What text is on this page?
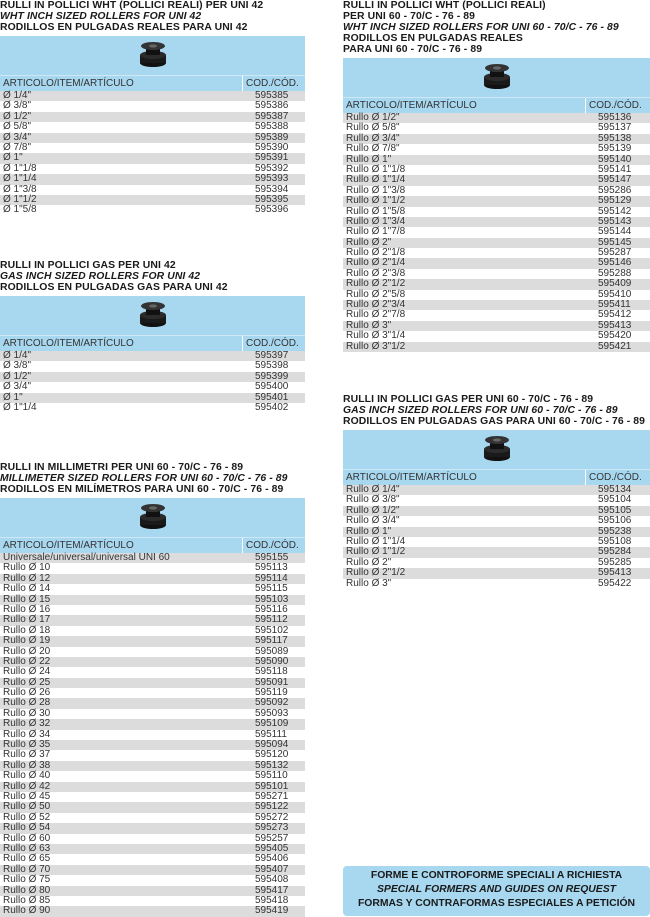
RULLI IN POLLICI WHT (POLLICI REALI) PER UNI 42
WHT INCH SIZED ROLLERS FOR UNI 42
RODILLOS EN PULGADAS REALES PARA UNI 42
ARTICOLO/ITEM/ARTÍCULO	COD./CÓD.
Ø 1/4"	595385
Ø 3/8"	595386
Ø 1/2"	595387
Ø 5/8"	595388
Ø 3/4"	595389
Ø 7/8"	595390
Ø 1"	595391
Ø 1"1/8	595392
Ø 1"1/4	595393
Ø 1"3/8	595394
Ø 1"1/2	595395
Ø 1"5/8	595396
RULLI IN POLLICI GAS PER UNI 42
GAS INCH SIZED ROLLERS FOR UNI 42
RODILLOS EN PULGADAS GAS PARA UNI 42
ARTICOLO/ITEM/ARTÍCULO	COD./CÓD.
Ø 1/4"	595397
Ø 3/8"	595398
Ø 1/2"	595399
Ø 3/4"	595400
Ø 1"	595401
Ø 1"1/4	595402
RULLI IN MILLIMETRI PER UNI 60 - 70/C - 76 - 89
MILLIMETER SIZED ROLLERS FOR UNI 60 - 70/C - 76 - 89
RODILLOS EN MILÍMETROS PARA UNI 60 - 70/C - 76 - 89
ARTICOLO/ITEM/ARTÍCULO	COD./CÓD.
Universale/universal/universal UNI 60	595155
Rullo Ø 10	595113
Rullo Ø 12	595114
Rullo Ø 14	595115
Rullo Ø 15	595103
Rullo Ø 16	595116
Rullo Ø 17	595112
Rullo Ø 18	595102
Rullo Ø 19	595117
Rullo Ø 20	595089
Rullo Ø 22	595090
Rullo Ø 24	595118
Rullo Ø 25	595091
Rullo Ø 26	595119
Rullo Ø 28	595092
Rullo Ø 30	595093
Rullo Ø 32	595109
Rullo Ø 34	595111
Rullo Ø 35	595094
Rullo Ø 37	595120
Rullo Ø 38	595132
Rullo Ø 40	595110
Rullo Ø 42	595101
Rullo Ø 45	595271
Rullo Ø 50	595122
Rullo Ø 52	595272
Rullo Ø 54	595273
Rullo Ø 60	595257
Rullo Ø 63	595405
Rullo Ø 65	595406
Rullo Ø 70	595407
Rullo Ø 75	595408
Rullo Ø 80	595417
Rullo Ø 85	595418
Rullo Ø 90	595419
RULLI IN POLLICI WHT (POLLICI REALI)
PER UNI 60 - 70/C - 76 - 89
WHT INCH SIZED ROLLERS FOR UNI 60 - 70/C - 76 - 89
RODILLOS EN PULGADAS REALES
PARA UNI 60 - 70/C - 76 - 89
ARTICOLO/ITEM/ARTÍCULO	COD./CÓD.
Rullo Ø 1/2"	595136
Rullo Ø 5/8"	595137
Rullo Ø 3/4"	595138
Rullo Ø 7/8"	595139
Rullo Ø 1"	595140
Rullo Ø 1"1/8	595141
Rullo Ø 1"1/4	595147
Rullo Ø 1"3/8	595286
Rullo Ø 1"1/2	595129
Rullo Ø 1"5/8	595142
Rullo Ø 1"3/4	595143
Rullo Ø 1"7/8	595144
Rullo Ø 2"	595145
Rullo Ø 2"1/8	595287
Rullo Ø 2"1/4	595146
Rullo Ø 2"3/8	595288
Rullo Ø 2"1/2	595409
Rullo Ø 2"5/8	595410
Rullo Ø 2"3/4	595411
Rullo Ø 2"7/8	595412
Rullo Ø 3"	595413
Rullo Ø 3"1/4	595420
Rullo Ø 3"1/2	595421
RULLI IN POLLICI GAS PER UNI 60 - 70/C - 76 - 89
GAS INCH SIZED ROLLERS FOR UNI 60 - 70/C - 76 - 89
RODILLOS EN PULGADAS GAS PARA UNI 60 - 70/C - 76 - 89
ARTICOLO/ITEM/ARTÍCULO	COD./CÓD.
Rullo Ø 1/4"	595134
Rullo Ø 3/8"	595104
Rullo Ø 1/2"	595105
Rullo Ø 3/4"	595106
Rullo Ø 1"	595238
Rullo Ø 1"1/4	595108
Rullo Ø 1"1/2	595284
Rullo Ø 2"	595285
Rullo Ø 2"1/2	595413
Rullo Ø 3"	595422
FORME E CONTROFORME SPECIALI A RICHIESTA
SPECIAL FORMERS AND GUIDES ON REQUEST
FORMAS Y CONTRAFORMAS ESPECIALES A PETICIÓN
